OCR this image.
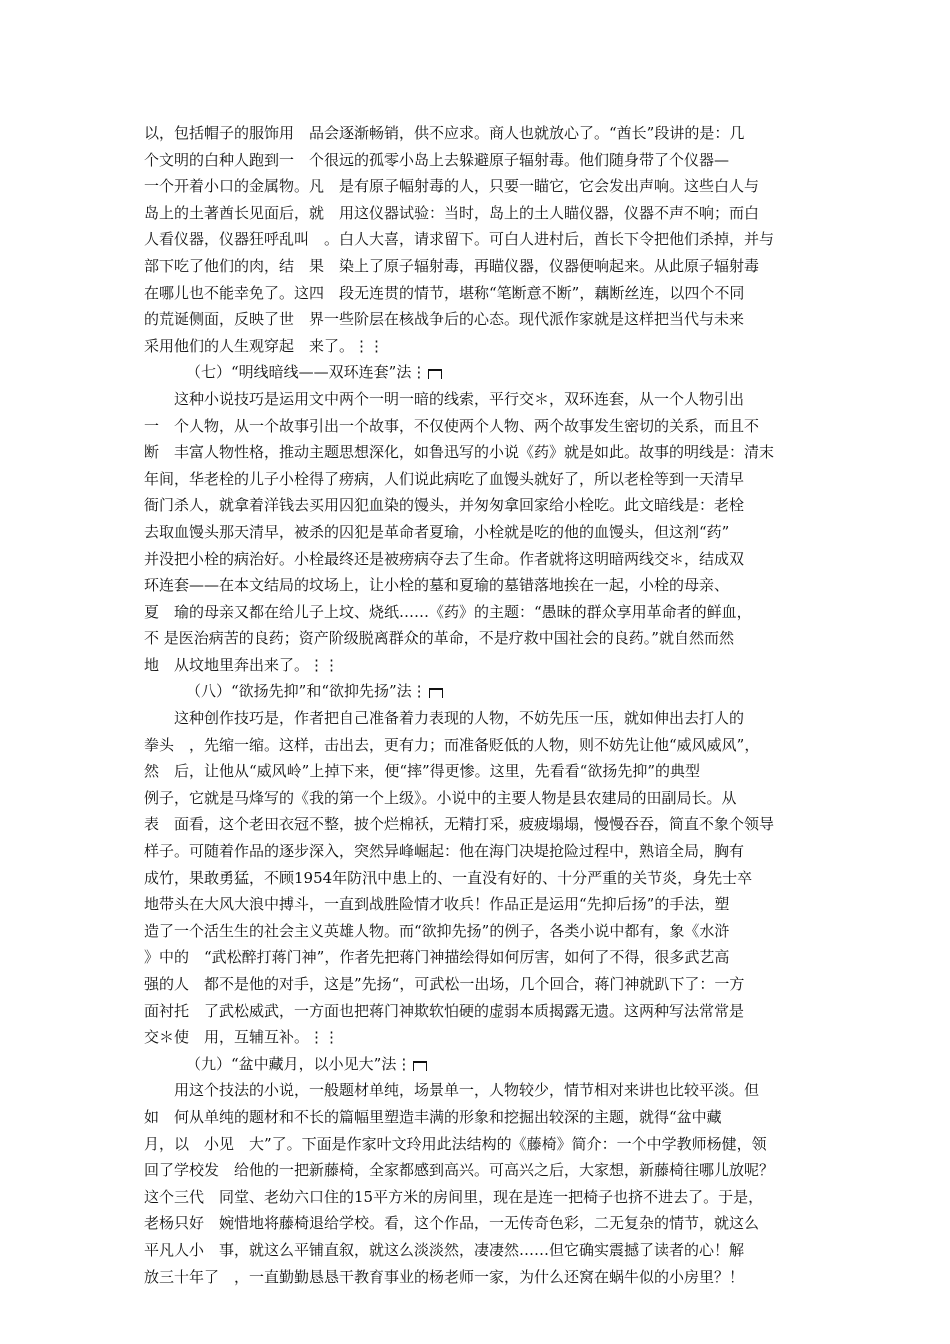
以，包括帽子的服饰用　品会逐渐畅销，供不应求。商人也就放心了。“酋长”段讲的是：几
个文明的白种人跑到一　个很远的孤零小岛上去躲避原子辐射毒。他们随身带了个仪器—
一个开着小口的金属物。凡　是有原子幅射毒的人，只要一瞄它，它会发出声响。这些白人与
岛上的土著酋长见面后，就　用这仪器试验：当时，岛上的土人瞄仪器，仪器不声不响；而白
人看仪器，仪器狂呼乱叫　。白人大喜，请求留下。可白人进村后，酋长下令把他们杀掉，并与
部下吃了他们的肉，结　果　染上了原子辐射毒，再瞄仪器，仪器便响起来。从此原子辐射毒
在哪儿也不能幸免了。这四　段无连贯的情节，堪称“笔断意不断”，藕断丝连，以四个不同
的荒诞侧面，反映了世　界一些阶层在核战争后的心态。现代派作家就是这样把当代与未来
采用他们的人生观穿起　来了。⋮⋮
（七）“明线暗线——双环连套”法⋮
这种小说技巧是运用文中两个一明一暗的线索，平行交＊，双环连套，从一个人物引出
一　个人物，从一个故事引出一个故事，不仅使两个人物、两个故事发生密切的关系，而且不
断　丰富人物性格，推动主题思想深化，如鲁迅写的小说《药》就是如此。故事的明线是：清末
年间，华老栓的儿子小栓得了痨病，人们说此病吃了血馒头就好了，所以老栓等到一天清早
衙门杀人，就拿着洋钱去买用囚犯血染的馒头，并匆匆拿回家给小栓吃。此文暗线是：老栓
去取血馒头那天清早，被杀的囚犯是革命者夏瑜，小栓就是吃的他的血馒头，但这剂“药”
并没把小栓的病治好。小栓最终还是被痨病夺去了生命。作者就将这明暗两线交＊，结成双
环连套——在本文结局的坟场上，让小栓的墓和夏瑜的墓错落地挨在一起，小栓的母亲、
夏　瑜的母亲又都在给儿子上坟、烧纸……《药》的主题：“愚昧的群众享用革命者的鲜血，
不 是医治病苦的良药；资产阶级脱离群众的革命，不是疗救中国社会的良药。”就自然而然
地　从坟地里奔出来了。⋮⋮
（八）“欲扬先抑”和“欲抑先扬”法⋮
这种创作技巧是，作者把自己准备着力表现的人物，不妨先压一压，就如伸出去打人的
拳头　，先缩一缩。这样，击出去，更有力；而准备贬低的人物，则不妨先让他“威风威风”，
然　后，让他从“威风岭”上掉下来，便“摔”得更惨。这里，先看看“欲扬先抑”的典型
例子，它就是马烽写的《我的第一个上级》。小说中的主要人物是县农建局的田副局长。从
表　面看，这个老田衣冠不整，披个烂棉袄，无精打采，疲疲塌塌，慢慢吞吞，简直不象个领导
样子。可随着作品的逐步深入，突然异峰崛起：他在海门决堤抢险过程中，熟谙全局，胸有
成竹，果敢勇猛，不顾1954年防汛中患上的、一直没有好的、十分严重的关节炎，身先士卒
地带头在大风大浪中搏斗，一直到战胜险情才收兵！作品正是运用“先抑后扬”的手法，塑
造了一个活生生的社会主义英雄人物。而“欲抑先扬”的例子，各类小说中都有，象《水浒
》中的　“武松醉打蒋门神”，作者先把蒋门神描绘得如何厉害，如何了不得，很多武艺高
强的人　都不是他的对手，这是”先扬“，可武松一出场，几个回合，蒋门神就趴下了：一方
面衬托　了武松威武，一方面也把蒋门神欺软怕硬的虚弱本质揭露无遗。这两种写法常常是
交＊使　用，互辅互补。⋮⋮
（九）“盆中藏月，以小见大”法⋮
用这个技法的小说，一般题材单纯，场景单一，人物较少，情节相对来讲也比较平淡。但
如　何从单纯的题材和不长的篇幅里塑造丰满的形象和挖掘出较深的主题，就得“盆中藏
月，以　小见　大”了。下面是作家叶文玲用此法结构的《藤椅》简介：一个中学教师杨健，领
回了学校发　给他的一把新藤椅，全家都感到高兴。可高兴之后，大家想，新藤椅往哪儿放呢？
这个三代　同堂、老幼六口住的15平方米的房间里，现在是连一把椅子也挤不进去了。于是，
老杨只好　婉惜地将藤椅退给学校。看，这个作品，一无传奇色彩，二无复杂的情节，就这么
平凡人小　事，就这么平铺直叙，就这么淡淡然，凄凄然……但它确实震撼了读者的心！解
放三十年了　，一直勤勤恳恳干教育事业的杨老师一家，为什么还窝在蜗牛似的小房里？！
